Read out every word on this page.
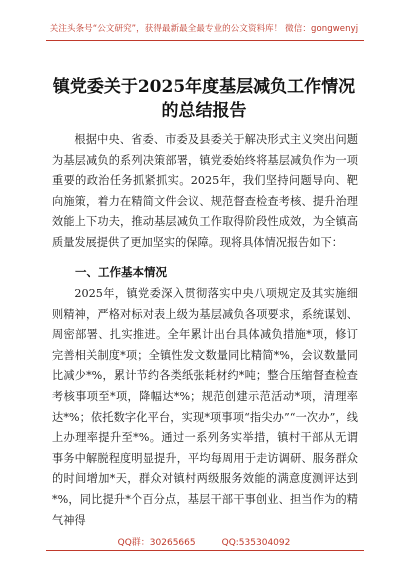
关注头条号“公文研究”，获得最新最全最专业的公文资料库！ 微信：gongwenyj
镇党委关于2025年度基层减负工作情况
的总结报告

根据中央、省委、市委及县委关于解决形式主义突出问题为基层减负的系列决策部署，镇党委始终将基层减负作为一项重要的政治任务抓紧抓实。2025年，我们坚持问题导向、靶向施策，着力在精简文件会议、规范督查检查考核、提升治理效能上下功夫，推动基层减负工作取得阶段性成效，为全镇高质量发展提供了更加坚实的保障。现将具体情况报告如下：

一、工作基本情况

2025年，镇党委深入贯彻落实中央八项规定及其实施细则精神，严格对标对表上级为基层减负各项要求，系统谋划、周密部署、扎实推进。全年累计出台具体减负措施*项，修订完善相关制度*项；全镇性发文数量同比精简*%，会议数量同比减少*%，累计节约各类纸张耗材约*吨；整合压缩督查检查考核事项至*项，降幅达*%；规范创建示范活动*项，清理率达*%；依托数字化平台，实现*项事项“指尖办”“一次办”，线上办理率提升至*%。通过一系列务实举措，镇村干部从无谓事务中解脱程度明显提升，平均每周用于走访调研、服务群众的时间增加*天，群众对镇村两级服务效能的满意度测评达到*%，同比提升*个百分点，基层干部干事创业、担当作为的精气神得

QQ群：30265665	QQ:535304092
